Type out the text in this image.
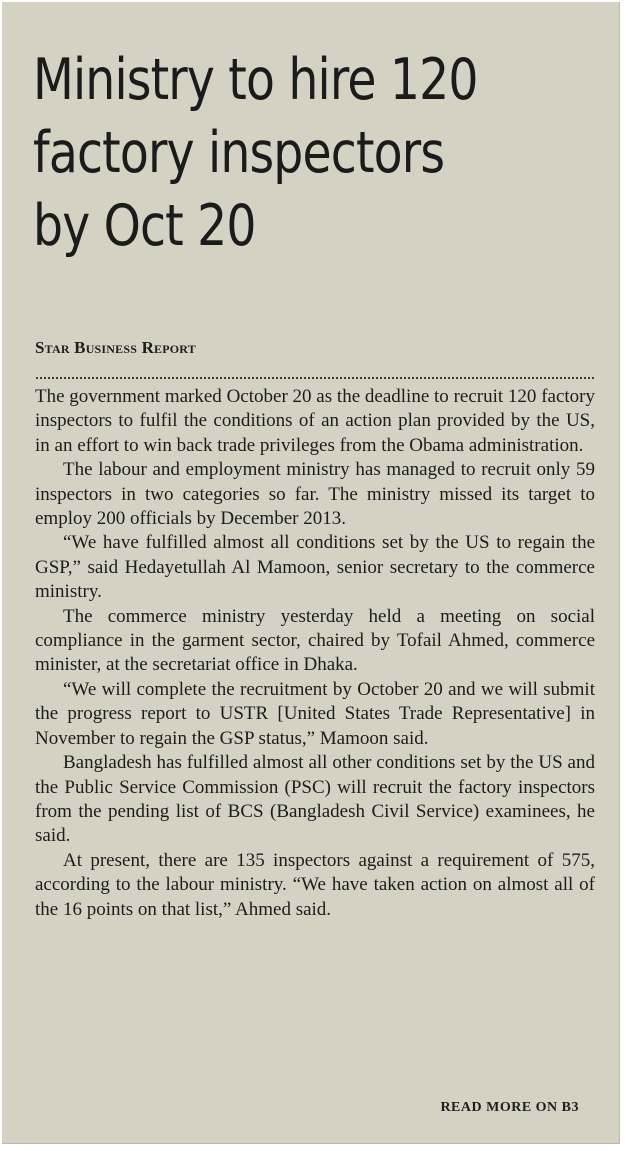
Ministry to hire 120
factory inspectors
by Oct 20
Star Business Report

The government marked October 20 as the deadline to recruit 120 factory inspectors to fulfil the conditions of an action plan provided by the US, in an effort to win back trade privileges from the Obama administration.

The labour and employment ministry has managed to recruit only 59 inspectors in two categories so far. The ministry missed its target to employ 200 officials by December 2013.

“We have fulfilled almost all conditions set by the US to regain the GSP,” said Hedayetullah Al Mamoon, senior secretary to the commerce ministry.

The commerce ministry yesterday held a meeting on social compliance in the garment sector, chaired by Tofail Ahmed, commerce minister, at the secretariat office in Dhaka.

“We will complete the recruitment by October 20 and we will submit the progress report to USTR [United States Trade Representative] in November to regain the GSP status,” Mamoon said.

Bangladesh has fulfilled almost all other conditions set by the US and the Public Service Commission (PSC) will recruit the factory inspectors from the pending list of BCS (Bangladesh Civil Service) examinees, he said.

At present, there are 135 inspectors against a requirement of 575, according to the labour ministry. “We have taken action on almost all of the 16 points on that list,” Ahmed said.

READ MORE ON B3
